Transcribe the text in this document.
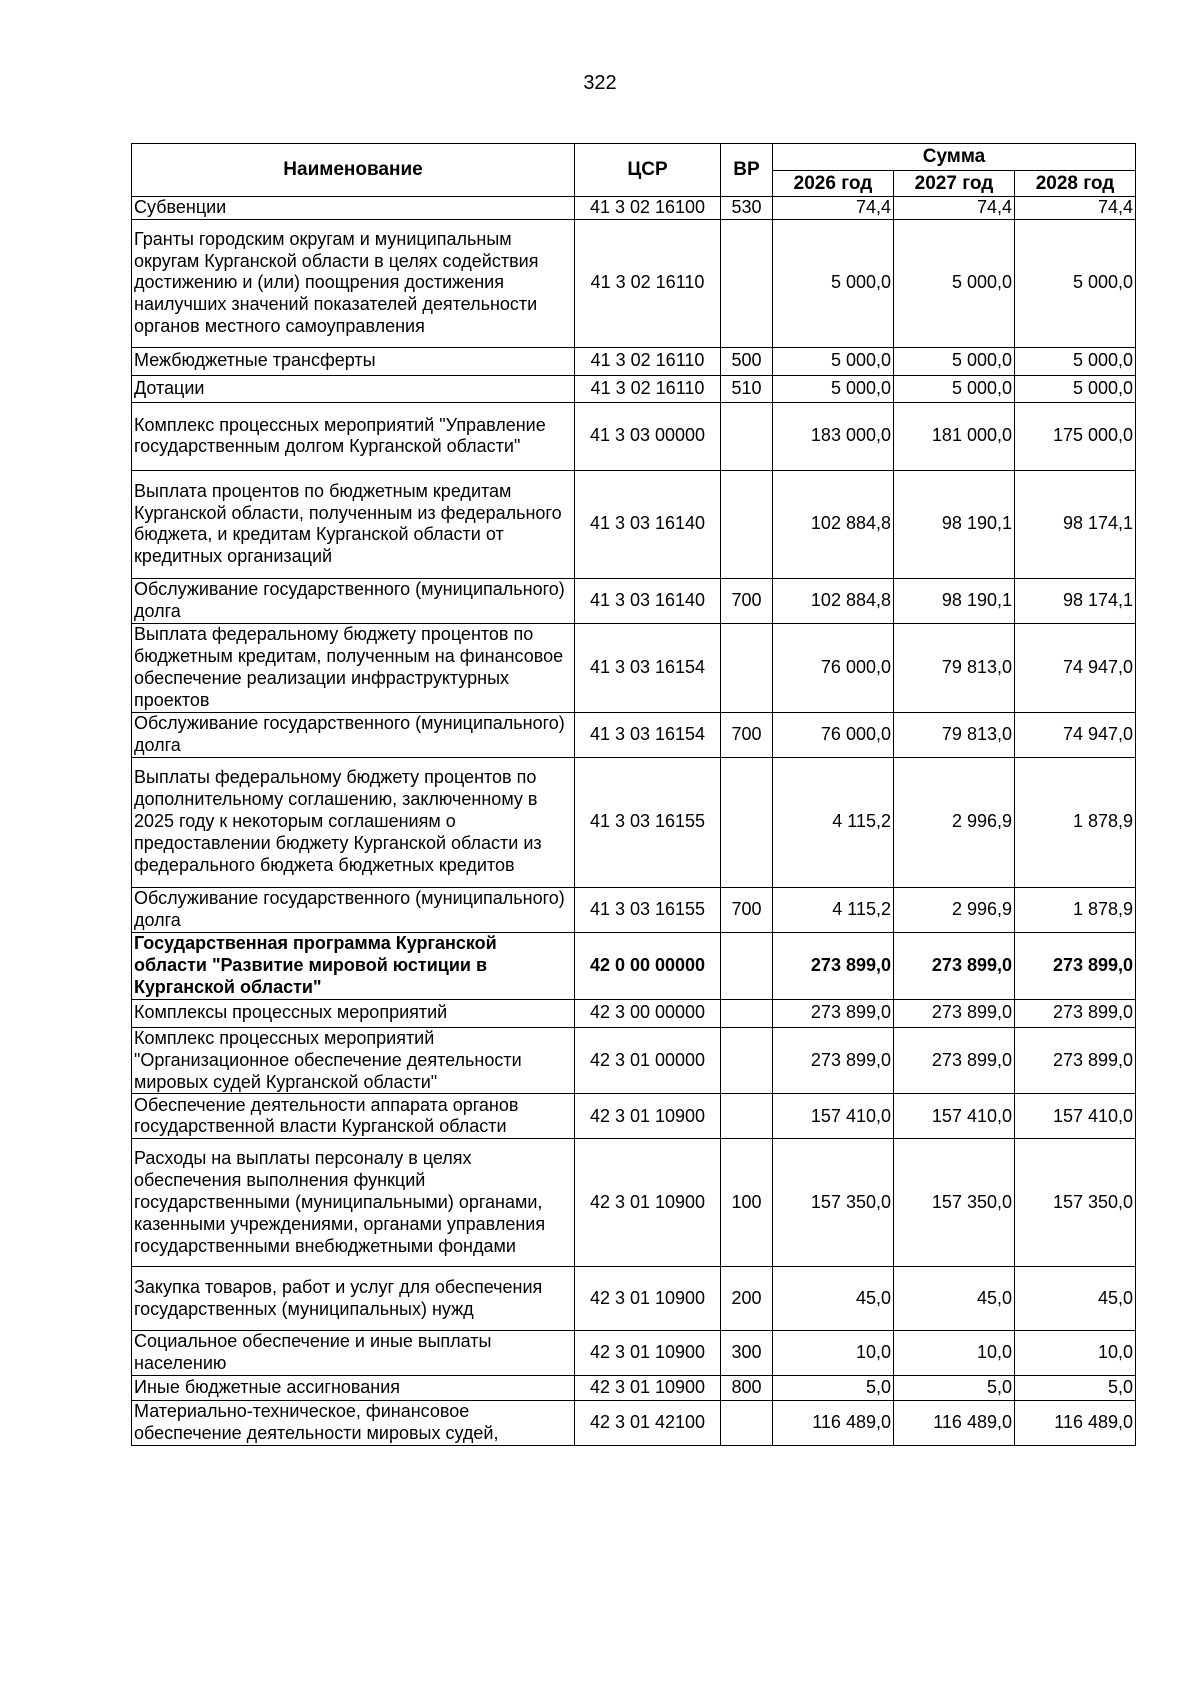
322
Наименование	ЦСР	ВР	Сумма		
			2026 год	2027 год	2028 год
Субвенции	41 3 02 16100	530	74,4	74,4	74,4
Гранты городским округам и муниципальным округам Курганской области в целях содействия достижению и (или) поощрения достижения наилучших значений показателей деятельности органов местного самоуправления	41 3 02 16110		5 000,0	5 000,0	5 000,0
Межбюджетные трансферты	41 3 02 16110	500	5 000,0	5 000,0	5 000,0
Дотации	41 3 02 16110	510	5 000,0	5 000,0	5 000,0
Комплекс процессных мероприятий "Управление государственным долгом Курганской области"	41 3 03 00000		183 000,0	181 000,0	175 000,0
Выплата процентов по бюджетным кредитам Курганской области, полученным из федерального бюджета, и кредитам Курганской области от кредитных организаций	41 3 03 16140		102 884,8	98 190,1	98 174,1
Обслуживание государственного (муниципального) долга	41 3 03 16140	700	102 884,8	98 190,1	98 174,1
Выплата федеральному бюджету процентов по бюджетным кредитам, полученным на финансовое обеспечение реализации инфраструктурных проектов	41 3 03 16154		76 000,0	79 813,0	74 947,0
Обслуживание государственного (муниципального) долга	41 3 03 16154	700	76 000,0	79 813,0	74 947,0
Выплаты федеральному бюджету процентов по дополнительному соглашению, заключенному в 2025 году к некоторым соглашениям о предоставлении бюджету Курганской области из федерального бюджета бюджетных кредитов	41 3 03 16155		4 115,2	2 996,9	1 878,9
Обслуживание государственного (муниципального) долга	41 3 03 16155	700	4 115,2	2 996,9	1 878,9
Государственная программа Курганской области "Развитие мировой юстиции в Курганской области"	42 0 00 00000		273 899,0	273 899,0	273 899,0
Комплексы процессных мероприятий	42 3 00 00000		273 899,0	273 899,0	273 899,0
Комплекс процессных мероприятий "Организационное обеспечение деятельности мировых судей Курганской области"	42 3 01 00000		273 899,0	273 899,0	273 899,0
Обеспечение деятельности аппарата органов государственной власти Курганской области	42 3 01 10900		157 410,0	157 410,0	157 410,0
Расходы на выплаты персоналу в целях обеспечения выполнения функций государственными (муниципальными) органами, казенными учреждениями, органами управления государственными внебюджетными фондами	42 3 01 10900	100	157 350,0	157 350,0	157 350,0
Закупка товаров, работ и услуг для обеспечения государственных (муниципальных) нужд	42 3 01 10900	200	45,0	45,0	45,0
Социальное обеспечение и иные выплаты населению	42 3 01 10900	300	10,0	10,0	10,0
Иные бюджетные ассигнования	42 3 01 10900	800	5,0	5,0	5,0
Материально-техническое, финансовое обеспечение деятельности мировых судей,	42 3 01 42100		116 489,0	116 489,0	116 489,0
